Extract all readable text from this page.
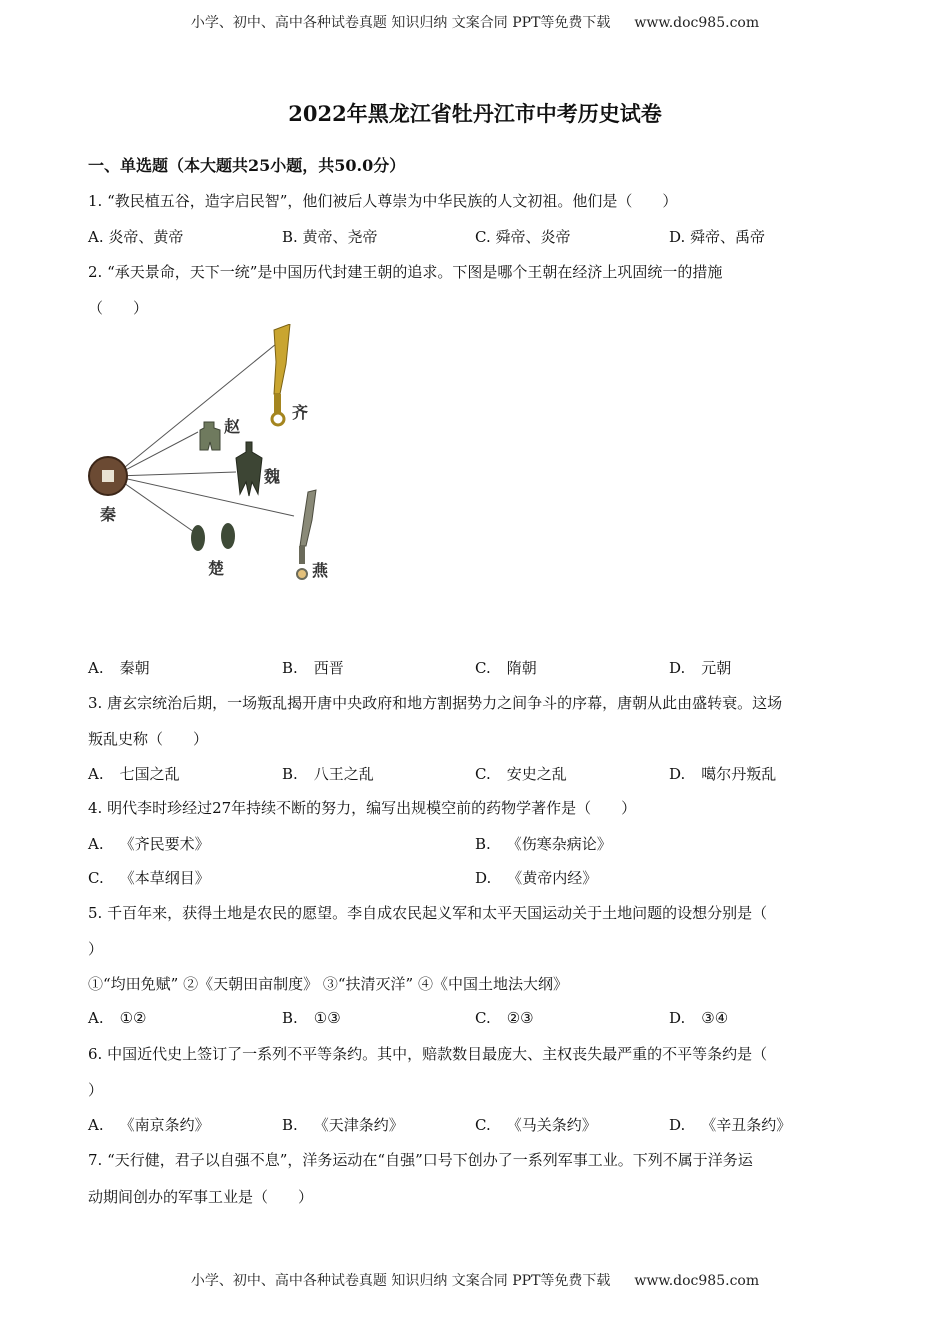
小学、初中、高中各种试卷真题 知识归纳 文案合同 PPT等免费下载 www.doc985.com
2022年黑龙江省牡丹江市中考历史试卷
一、单选题（本大题共25小题，共50.0分）
1. “教民植五谷，造字启民智”，他们被后人尊崇为中华民族的人文初祖。他们是（　　）
A. 炎帝、黄帝	B. 黄帝、尧帝	C. 舜帝、炎帝	D. 舜帝、禹帝
2. “承天景命，天下一统”是中国历代封建王朝的追求。下图是哪个王朝在经济上巩固统一的措施
（　　）
秦
赵
齐
魏
楚	燕
A. 秦朝	B. 西晋	C. 隋朝	D. 元朝
3. 唐玄宗统治后期，一场叛乱揭开唐中央政府和地方割据势力之间争斗的序幕，唐朝从此由盛转衰。这场
叛乱史称（　　）
A. 七国之乱	B. 八王之乱	C. 安史之乱	D. 噶尔丹叛乱
4. 明代李时珍经过27年持续不断的努力，编写出规模空前的药物学著作是（　　）
A. 《齐民要术》	B. 《伤寒杂病论》
C. 《本草纲目》	D. 《黄帝内经》
5. 千百年来，获得土地是农民的愿望。李自成农民起义军和太平天国运动关于土地问题的设想分别是（
）
①“均田免赋” ②《天朝田亩制度》 ③“扶清灭洋” ④《中国土地法大纲》
A. ①②	B. ①③	C. ②③	D. ③④
6. 中国近代史上签订了一系列不平等条约。其中，赔款数目最庞大、主权丧失最严重的不平等条约是（
）
A. 《南京条约》	B. 《天津条约》	C. 《马关条约》	D. 《辛丑条约》
7. “天行健，君子以自强不息”，洋务运动在“自强”口号下创办了一系列军事工业。下列不属于洋务运
动期间创办的军事工业是（　　）
小学、初中、高中各种试卷真题 知识归纳 文案合同 PPT等免费下载 www.doc985.com
